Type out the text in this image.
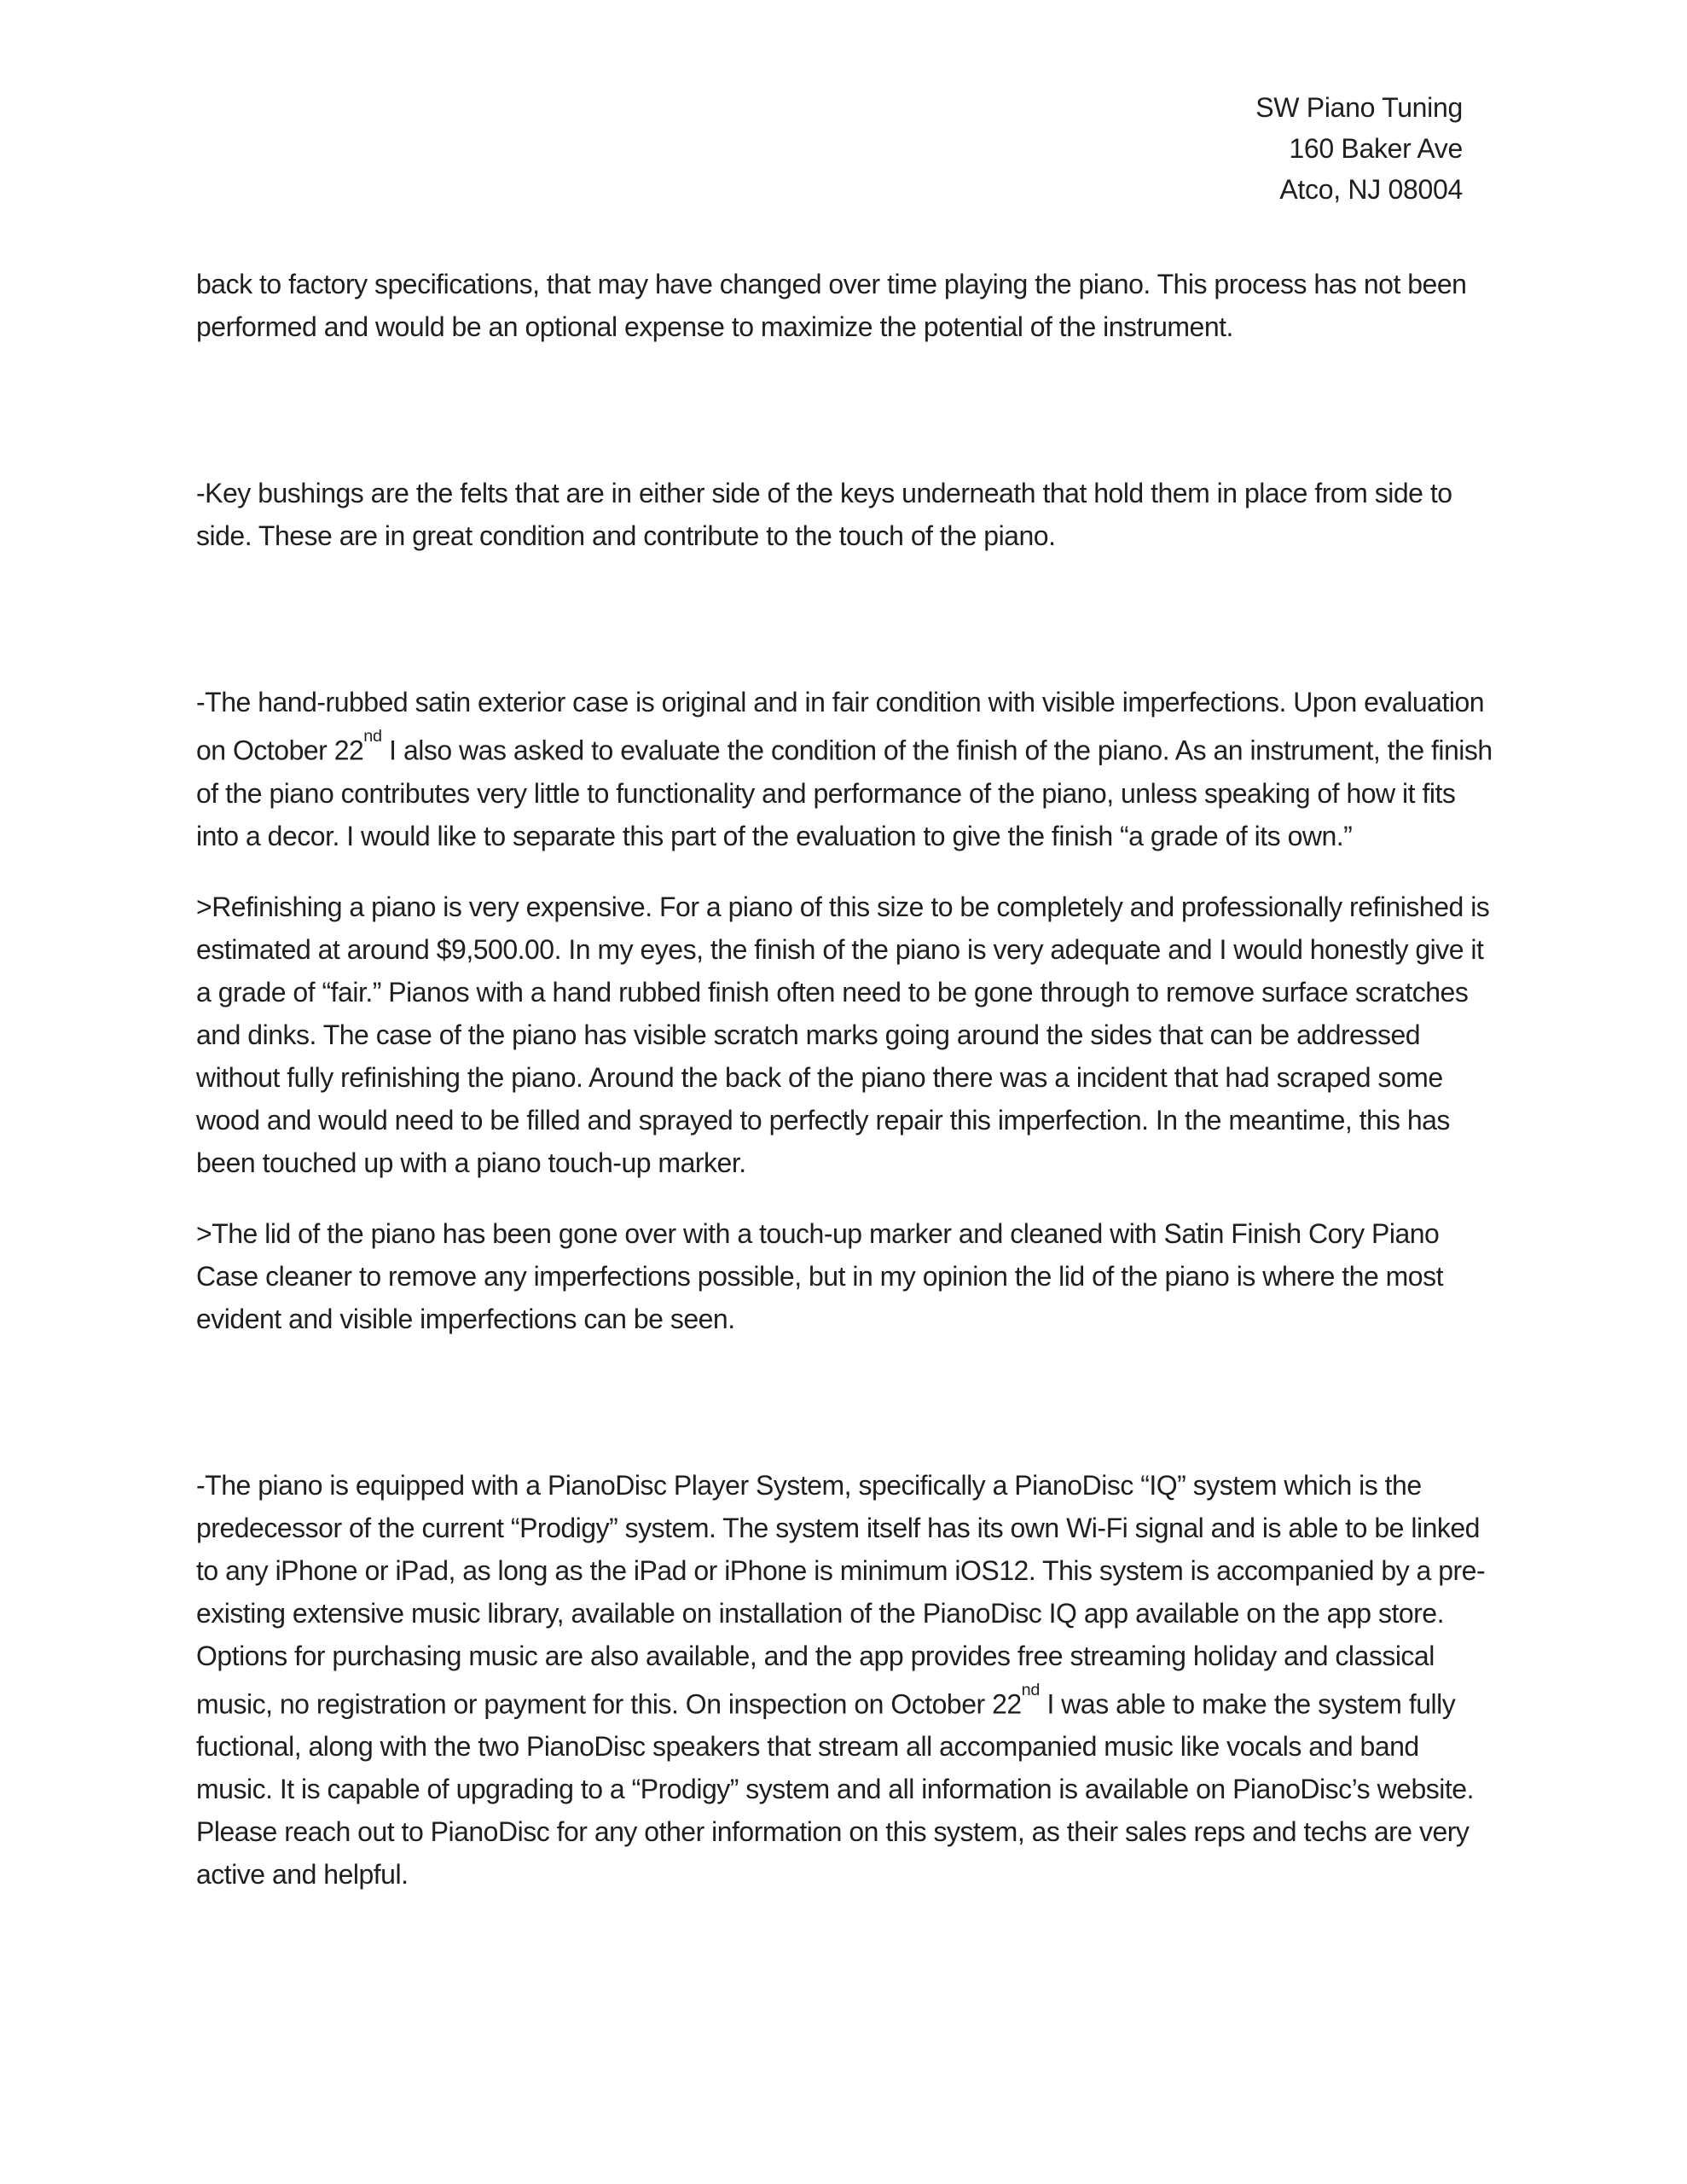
SW Piano Tuning
160 Baker Ave
Atco, NJ 08004

back to factory specifications, that may have changed over time playing the piano. This process has not been performed and would be an optional expense to maximize the potential of the instrument.

-Key bushings are the felts that are in either side of the keys underneath that hold them in place from side to side. These are in great condition and contribute to the touch of the piano.

-The hand-rubbed satin exterior case is original and in fair condition with visible imperfections. Upon evaluation on October 22nd I also was asked to evaluate the condition of the finish of the piano. As an instrument, the finish of the piano contributes very little to functionality and performance of the piano, unless speaking of how it fits into a decor. I would like to separate this part of the evaluation to give the finish “a grade of its own.”

>Refinishing a piano is very expensive. For a piano of this size to be completely and professionally refinished is estimated at around $9,500.00. In my eyes, the finish of the piano is very adequate and I would honestly give it a grade of “fair.” Pianos with a hand rubbed finish often need to be gone through to remove surface scratches and dinks. The case of the piano has visible scratch marks going around the sides that can be addressed without fully refinishing the piano. Around the back of the piano there was a incident that had scraped some wood and would need to be filled and sprayed to perfectly repair this imperfection. In the meantime, this has been touched up with a piano touch-up marker.

>The lid of the piano has been gone over with a touch-up marker and cleaned with Satin Finish Cory Piano Case cleaner to remove any imperfections possible, but in my opinion the lid of the piano is where the most evident and visible imperfections can be seen.

-The piano is equipped with a PianoDisc Player System, specifically a PianoDisc “IQ” system which is the predecessor of the current “Prodigy” system. The system itself has its own Wi-Fi signal and is able to be linked to any iPhone or iPad, as long as the iPad or iPhone is minimum iOS12. This system is accompanied by a pre-existing extensive music library, available on installation of the PianoDisc IQ app available on the app store. Options for purchasing music are also available, and the app provides free streaming holiday and classical music, no registration or payment for this. On inspection on October 22nd I was able to make the system fully fuctional, along with the two PianoDisc speakers that stream all accompanied music like vocals and band music. It is capable of upgrading to a “Prodigy” system and all information is available on PianoDisc’s website. Please reach out to PianoDisc for any other information on this system, as their sales reps and techs are very active and helpful.
